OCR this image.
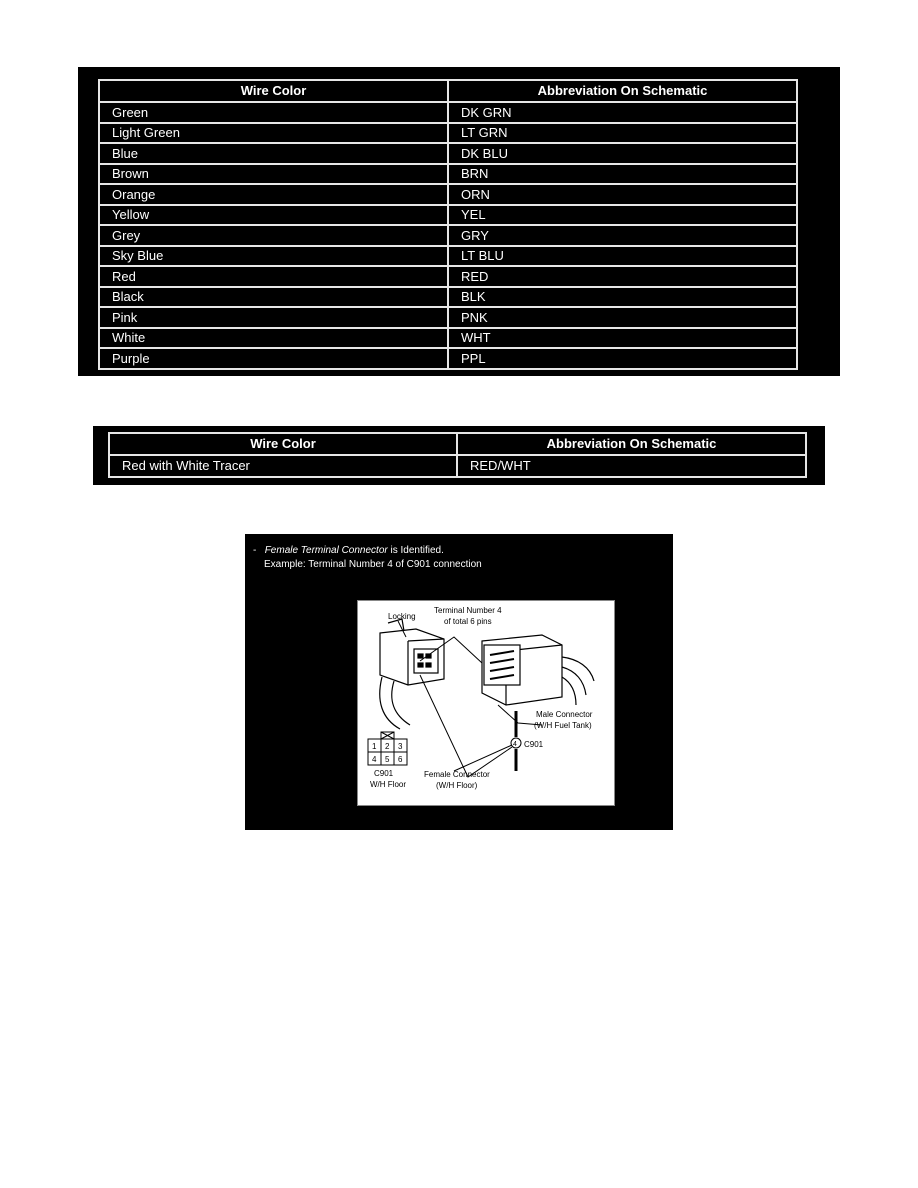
Wire Color	Abbreviation On Schematic
Green	DK GRN
Light Green	LT GRN
Blue	DK BLU
Brown	BRN
Orange	ORN
Yellow	YEL
Grey	GRY
Sky Blue	LT BLU
Red	RED
Black	BLK
Pink	PNK
White	WHT
Purple	PPL
Wire Color	Abbreviation On Schematic
Red with White Tracer	RED/WHT
- Female Terminal Connector is Identified.
Example: Terminal Number 4 of C901 connection
1 2 3
4 5 6
Locking
Terminal Number 4
of total 6 pins
Male Connector
(W/H Fuel Tank)
C901
4
C901
W/H Floor
Female Connector
(W/H Floor)
